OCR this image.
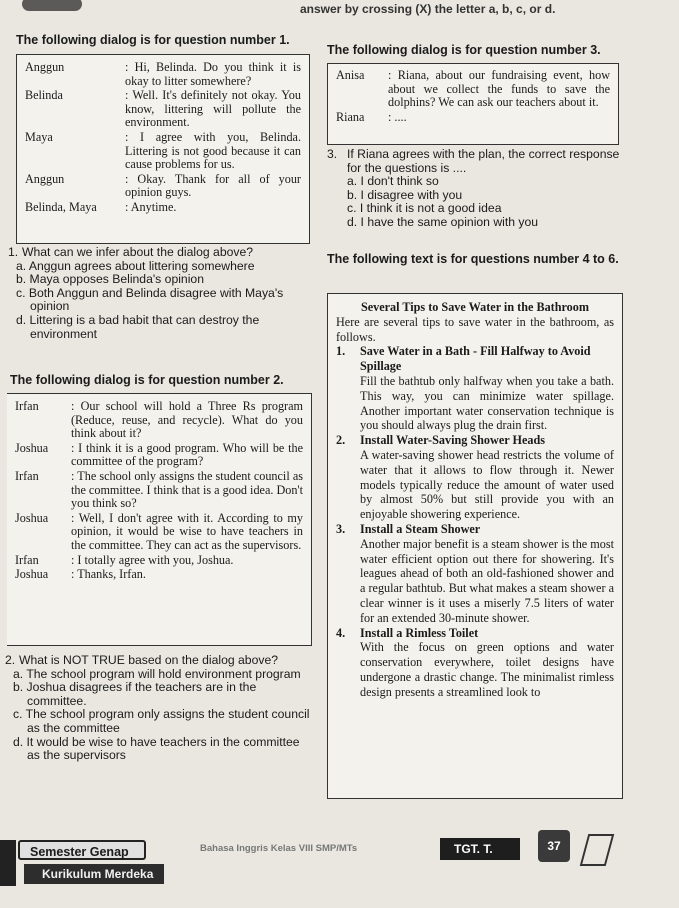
answer by crossing (X) the letter a, b, c, or d.
The following dialog is for question number 1.
Anggun	: Hi, Belinda. Do you think it is okay to litter somewhere?
Belinda	: Well. It's definitely not okay. You know, littering will pollute the environment.
Maya	: I agree with you, Belinda. Littering is not good because it can cause problems for us.
Anggun	: Okay. Thank for all of your opinion guys.
Belinda, Maya	: Anytime.
1. What can we infer about the dialog above?
a. Anggun agrees about littering somewhere
b. Maya opposes Belinda's opinion
c. Both Anggun and Belinda disagree with Maya's opinion
d. Littering is a bad habit that can destroy the environment
The following dialog is for question number 2.
Irfan	: Our school will hold a Three Rs program (Reduce, reuse, and recycle). What do you think about it?
Joshua	: I think it is a good program. Who will be the committee of the program?
Irfan	: The school only assigns the student council as the committee. I think that is a good idea. Don't you think so?
Joshua	: Well, I don't agree with it. According to my opinion, it would be wise to have teachers in the committee. They can act as the supervisors.
Irfan	: I totally agree with you, Joshua.
Joshua	: Thanks, Irfan.
2. What is NOT TRUE based on the dialog above?
a. The school program will hold environment program
b. Joshua disagrees if the teachers are in the committee.
c. The school program only assigns the student council as the committee
d. It would be wise to have teachers in the committee as the supervisors
The following dialog is for question number 3.
Anisa	: Riana, about our fundraising event, how about we collect the funds to save the dolphins? We can ask our teachers about it.
Riana	: ....
3. If Riana agrees with the plan, the correct response for the questions is ....
a. I don't think so
b. I disagree with you
c. I think it is not a good idea
d. I have the same opinion with you
The following text is for questions number 4 to 6.
Several Tips to Save Water in the Bathroom
Here are several tips to save water in the bathroom, as follows.
1.	Save Water in a Bath - Fill Halfway to Avoid Spillage
Fill the bathtub only halfway when you take a bath. This way, you can minimize water spillage. Another important water conservation technique is you should always plug the drain first.
2.	Install Water-Saving Shower Heads
A water-saving shower head restricts the volume of water that it allows to flow through it. Newer models typically reduce the amount of water used by almost 50% but still provide you with an enjoyable showering experience.
3.	Install a Steam Shower
Another major benefit is a steam shower is the most water efficient option out there for showering. It's leagues ahead of both an old-fashioned shower and a regular bathtub. But what makes a steam shower a clear winner is it uses a miserly 7.5 liters of water for an extended 30-minute shower.
4.	Install a Rimless Toilet
With the focus on green options and water conservation everywhere, toilet designs have undergone a drastic change. The minimalist rimless design presents a streamlined look to
Semester Genap
Kurikulum Merdeka
Bahasa Inggris Kelas VIII SMP/MTs	TGT. T.	37
